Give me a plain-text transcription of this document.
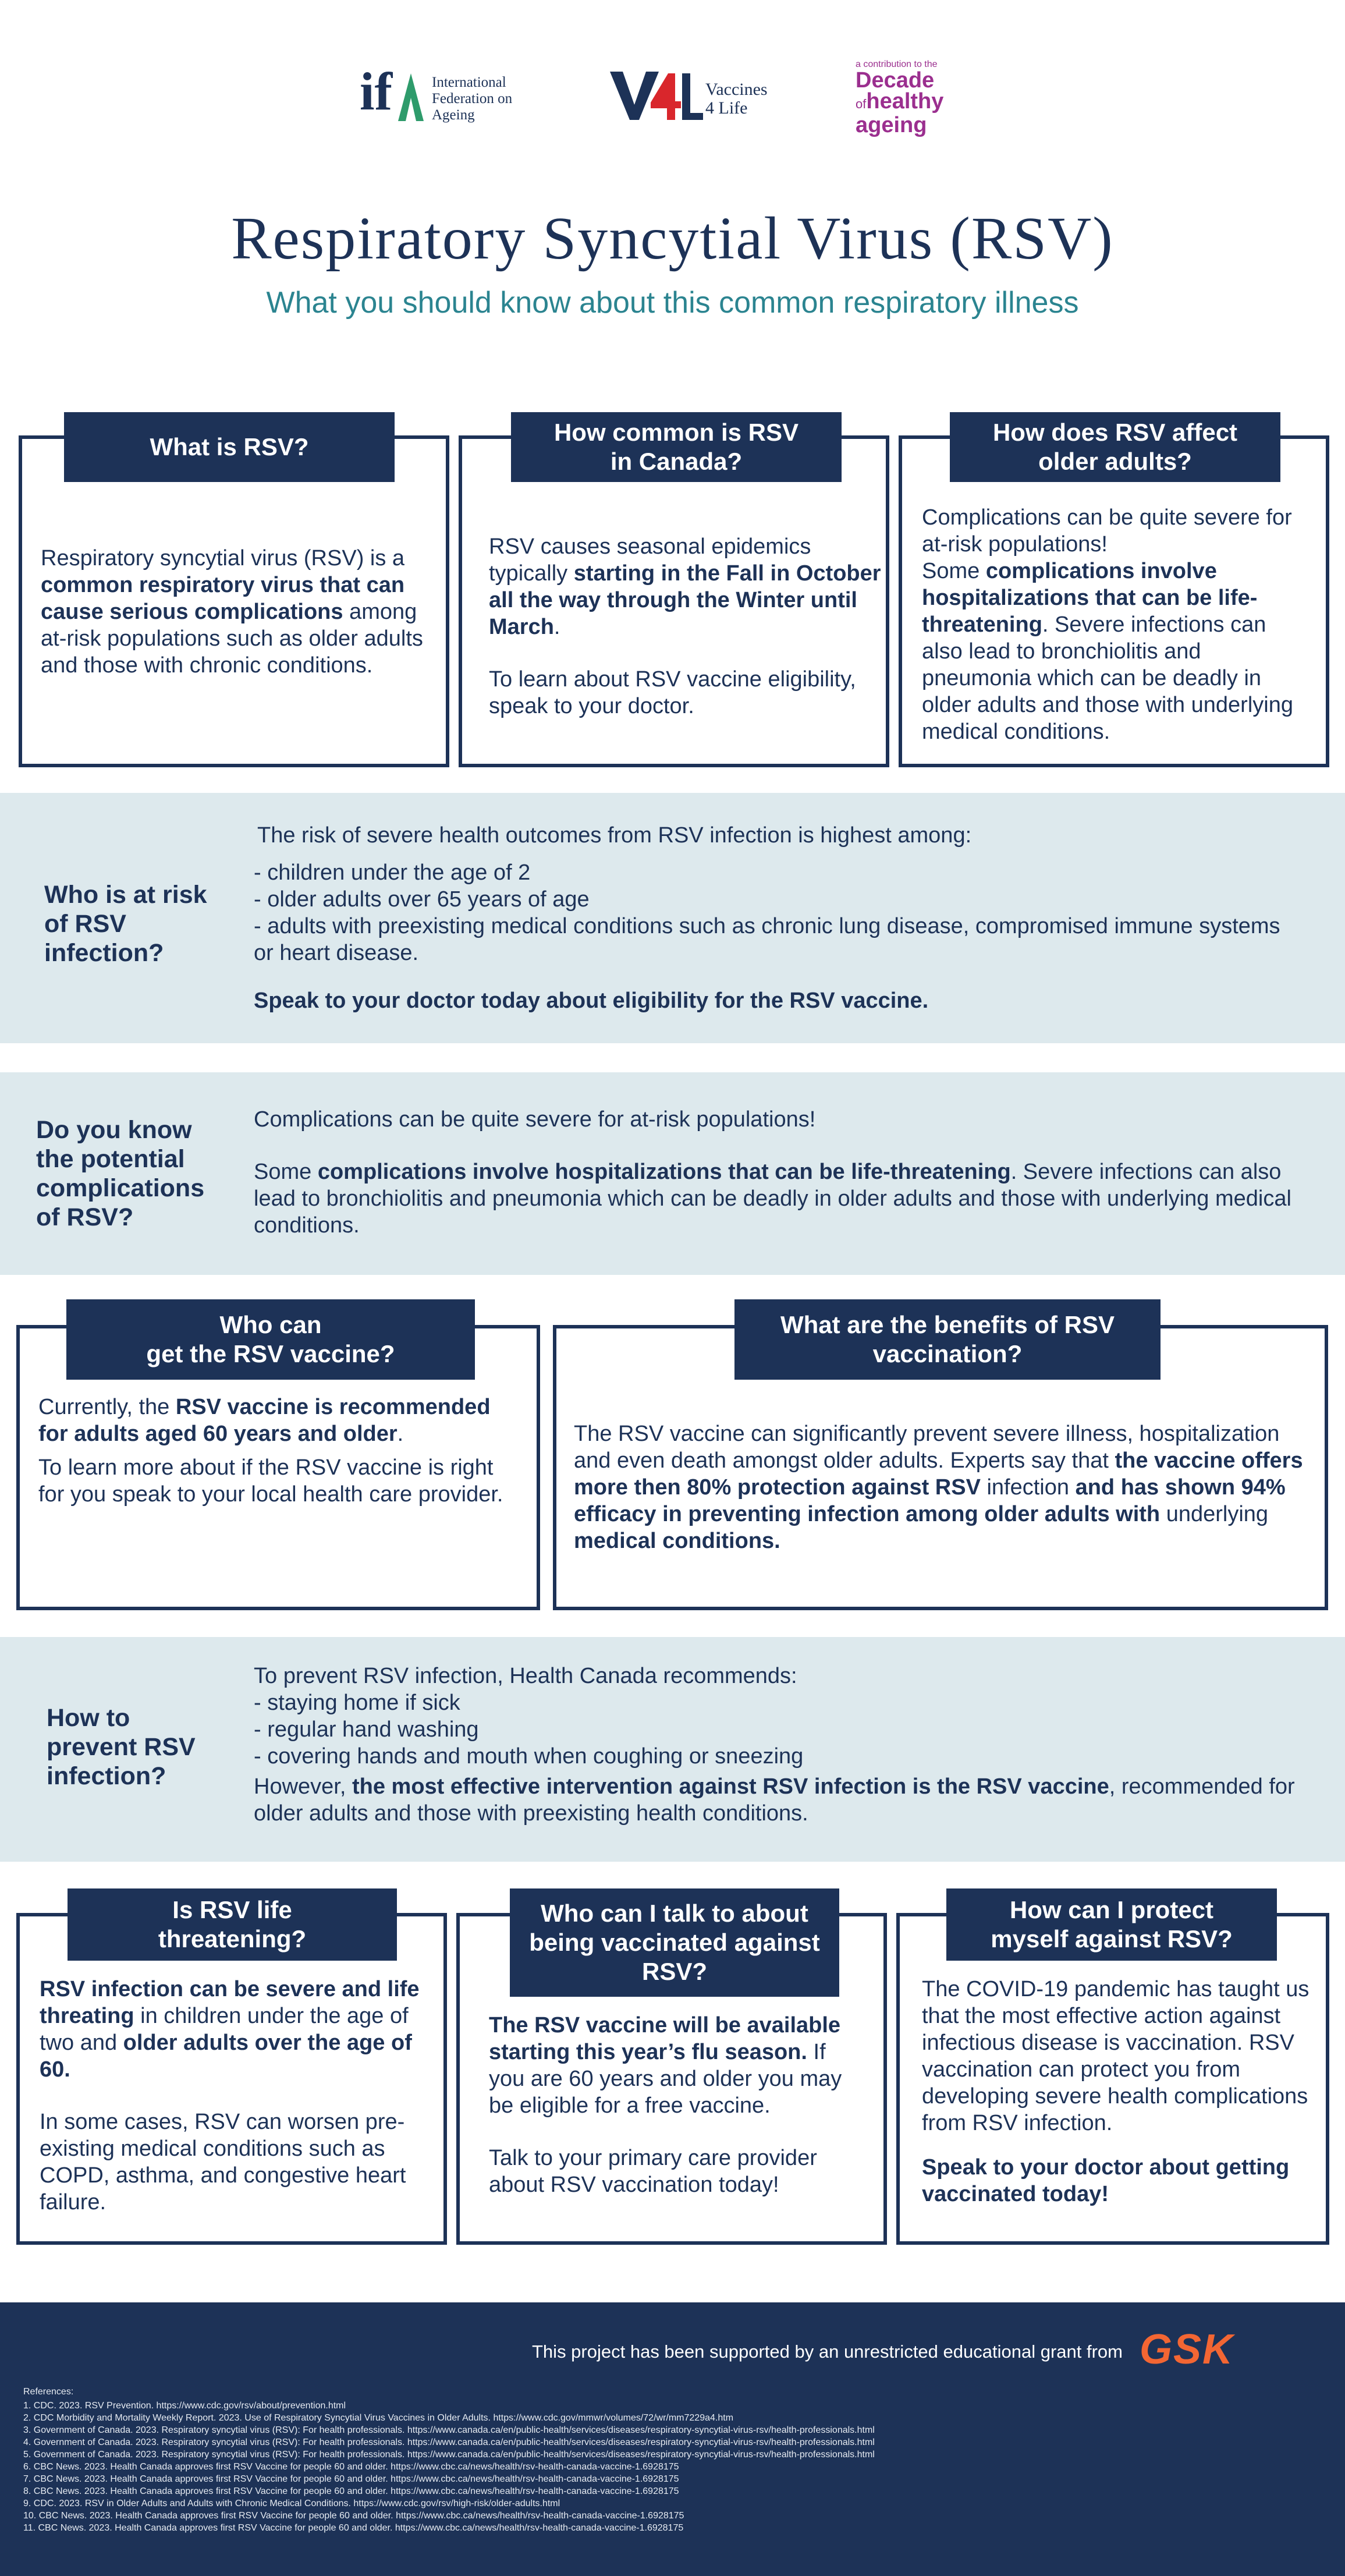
if	International
Federation on
Ageing
Vaccines
4 Life
a contribution to the
Decade
ofhealthy
ageing
Respiratory Syncytial Virus (RSV)
What you should know about this common respiratory illness
What is RSV?

Respiratory syncytial virus (RSV) is a common respiratory virus that can cause serious complications among at-risk populations such as older adults and those with chronic conditions.

How common is RSV
in Canada?

RSV causes seasonal epidemics typically starting in the Fall in October all the way through the Winter until March.

To learn about RSV vaccine eligibility, speak to your doctor.

How does RSV affect
older adults?

Complications can be quite severe for at-risk populations!

Some complications involve hospitalizations that can be life-threatening. Severe infections can also lead to bronchiolitis and pneumonia which can be deadly in older adults and those with underlying medical conditions.

Who is at risk of RSV infection?

The risk of severe health outcomes from RSV infection is highest among:

- children under the age of 2

- older adults over 65 years of age

- adults with preexisting medical conditions such as chronic lung disease, compromised immune systems or heart disease.

Speak to your doctor today about eligibility for the RSV vaccine.

Do you know the potential complications of RSV?

Complications can be quite severe for at-risk populations!

Some complications involve hospitalizations that can be life-threatening. Severe infections can also lead to bronchiolitis and pneumonia which can be deadly in older adults and those with underlying medical conditions.

Who can
get the RSV vaccine?

Currently, the RSV vaccine is recommended for adults aged 60 years and older.

To learn more about if the RSV vaccine is right for you speak to your local health care provider.

What are the benefits of RSV
vaccination?

The RSV vaccine can significantly prevent severe illness, hospitalization and even death amongst older adults. Experts say that the vaccine offers more then 80% protection against RSV infection and has shown 94% efficacy in preventing infection among older adults with underlying medical conditions.

How to prevent RSV infection?

To prevent RSV infection, Health Canada recommends:

- staying home if sick

- regular hand washing

- covering hands and mouth when coughing or sneezing

However, the most effective intervention against RSV infection is the RSV vaccine, recommended for older adults and those with preexisting health conditions.

Is RSV life
threatening?

RSV infection can be severe and life threating in children under the age of two and older adults over the age of 60.

In some cases, RSV can worsen pre-existing medical conditions such as COPD, asthma, and congestive heart failure.

Who can I talk to about
being vaccinated against
RSV?

The RSV vaccine will be available starting this year’s flu season. If you are 60 years and older you may be eligible for a free vaccine.

Talk to your primary care provider about RSV vaccination today!

How can I protect
myself against RSV?

The COVID-19 pandemic has taught us that the most effective action against infectious disease is vaccination. RSV vaccination can protect you from developing severe health complications from RSV infection.

Speak to your doctor about getting vaccinated today!

This project has been supported by an unrestricted educational grant from GSK
References:
1. CDC. 2023. RSV Prevention. https://www.cdc.gov/rsv/about/prevention.html
2. CDC Morbidity and Mortality Weekly Report. 2023. Use of Respiratory Syncytial Virus Vaccines in Older Adults. https://www.cdc.gov/mmwr/volumes/72/wr/mm7229a4.htm
3. Government of Canada. 2023. Respiratory syncytial virus (RSV): For health professionals. https://www.canada.ca/en/public-health/services/diseases/respiratory-syncytial-virus-rsv/health-professionals.html
4. Government of Canada. 2023. Respiratory syncytial virus (RSV): For health professionals. https://www.canada.ca/en/public-health/services/diseases/respiratory-syncytial-virus-rsv/health-professionals.html
5. Government of Canada. 2023. Respiratory syncytial virus (RSV): For health professionals. https://www.canada.ca/en/public-health/services/diseases/respiratory-syncytial-virus-rsv/health-professionals.html
6. CBC News. 2023. Health Canada approves first RSV Vaccine for people 60 and older. https://www.cbc.ca/news/health/rsv-health-canada-vaccine-1.6928175
7. CBC News. 2023. Health Canada approves first RSV Vaccine for people 60 and older. https://www.cbc.ca/news/health/rsv-health-canada-vaccine-1.6928175
8. CBC News. 2023. Health Canada approves first RSV Vaccine for people 60 and older. https://www.cbc.ca/news/health/rsv-health-canada-vaccine-1.6928175
9. CDC. 2023. RSV in Older Adults and Adults with Chronic Medical Conditions. https://www.cdc.gov/rsv/high-risk/older-adults.html
10. CBC News. 2023. Health Canada approves first RSV Vaccine for people 60 and older. https://www.cbc.ca/news/health/rsv-health-canada-vaccine-1.6928175
11. CBC News. 2023. Health Canada approves first RSV Vaccine for people 60 and older. https://www.cbc.ca/news/health/rsv-health-canada-vaccine-1.6928175
